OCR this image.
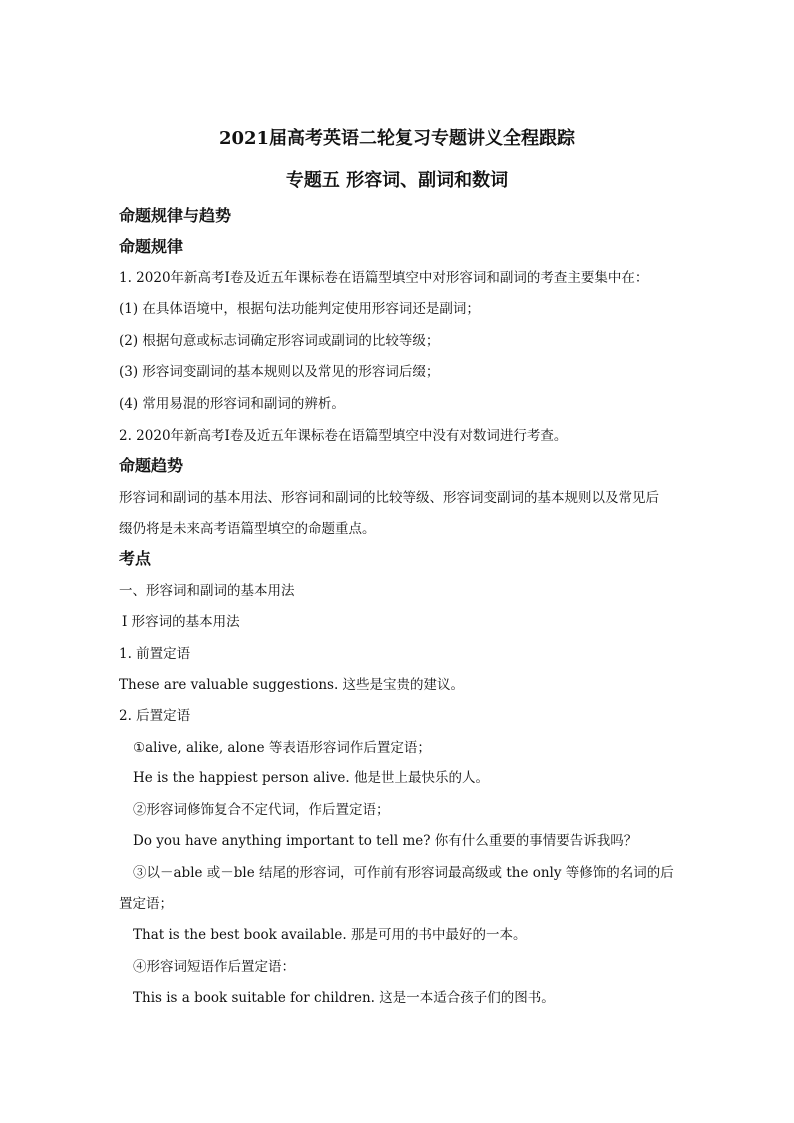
2021届高考英语二轮复习专题讲义全程跟踪
专题五 形容词、副词和数词
命题规律与趋势
命题规律
1. 2020年新高考Ⅰ卷及近五年课标卷在语篇型填空中对形容词和副词的考查主要集中在：
(1) 在具体语境中，根据句法功能判定使用形容词还是副词；
(2) 根据句意或标志词确定形容词或副词的比较等级；
(3) 形容词变副词的基本规则以及常见的形容词后缀；
(4) 常用易混的形容词和副词的辨析。
2. 2020年新高考Ⅰ卷及近五年课标卷在语篇型填空中没有对数词进行考查。
命题趋势
形容词和副词的基本用法、形容词和副词的比较等级、形容词变副词的基本规则以及常见后
缀仍将是未来高考语篇型填空的命题重点。
考点
一、形容词和副词的基本用法
Ⅰ 形容词的基本用法
1. 前置定语
These are valuable suggestions. 这些是宝贵的建议。
2. 后置定语
①alive, alike, alone 等表语形容词作后置定语；
He is the happiest person alive. 他是世上最快乐的人。
②形容词修饰复合不定代词，作后置定语；
Do you have anything important to tell me? 你有什么重要的事情要告诉我吗？
③以－able 或－ble 结尾的形容词，可作前有形容词最高级或 the only 等修饰的名词的后
置定语；
That is the best book available. 那是可用的书中最好的一本。
④形容词短语作后置定语：
This is a book suitable for children. 这是一本适合孩子们的图书。
